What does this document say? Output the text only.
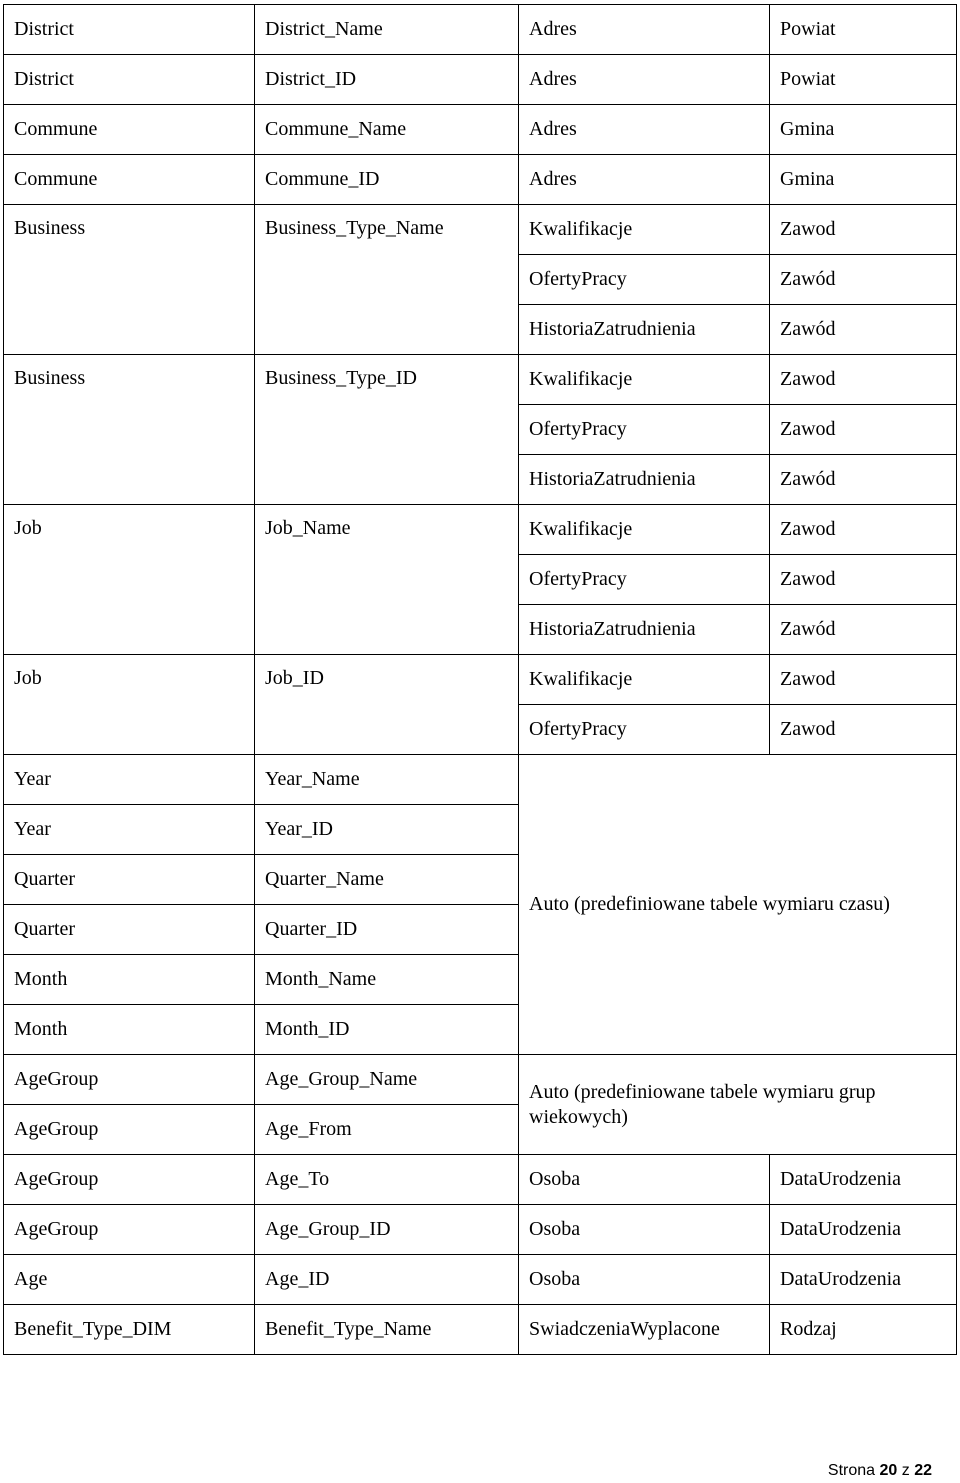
District	District_Name	Adres	Powiat
District	District_ID	Adres	Powiat
Commune	Commune_Name	Adres	Gmina
Commune	Commune_ID	Adres	Gmina
Business	Business_Type_Name	Kwalifikacje	Zawod
		OfertyPracy	Zawód
		HistoriaZatrudnienia	Zawód
Business	Business_Type_ID	Kwalifikacje	Zawod
		OfertyPracy	Zawod
		HistoriaZatrudnienia	Zawód
Job	Job_Name	Kwalifikacje	Zawod
		OfertyPracy	Zawod
		HistoriaZatrudnienia	Zawód
Job	Job_ID	Kwalifikacje	Zawod
		OfertyPracy	Zawod
Year	Year_Name	Auto (predefiniowane tabele wymiaru czasu)	
Year	Year_ID		
Quarter	Quarter_Name		
Quarter	Quarter_ID		
Month	Month_Name		
Month	Month_ID		
AgeGroup	Age_Group_Name	Auto (predefiniowane tabele wymiaru grup wiekowych)	
AgeGroup	Age_From		
AgeGroup	Age_To	Osoba	DataUrodzenia
AgeGroup	Age_Group_ID	Osoba	DataUrodzenia
Age	Age_ID	Osoba	DataUrodzenia
Benefit_Type_DIM	Benefit_Type_Name	SwiadczeniaWyplacone	Rodzaj
Strona 20 z 22
